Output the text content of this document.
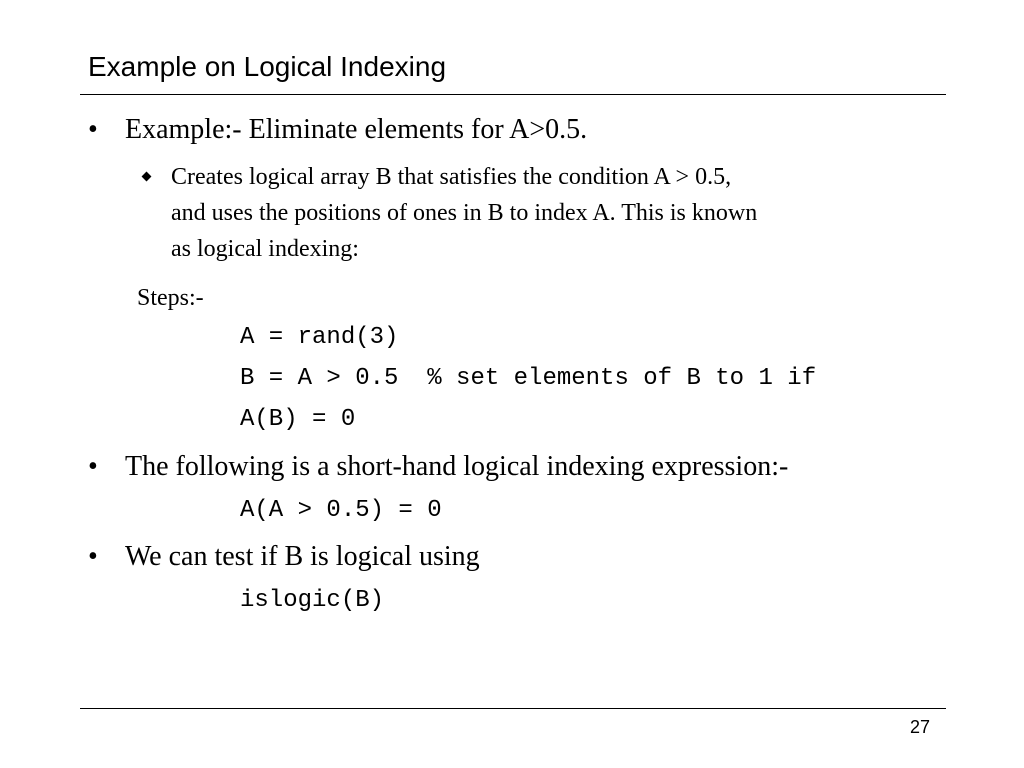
Example on Logical Indexing
• Example:- Eliminate elements for A>0.5.
Creates logical array B that satisfies the condition A > 0.5,
and uses the positions of ones in B to index A. This is known
as logical indexing:
Steps:-
A = rand(3)
B = A > 0.5  % set elements of B to 1 if
A(B) = 0
• The following is a short-hand logical indexing expression:-
A(A > 0.5) = 0
• We can test if B is logical using
islogic(B)
27
